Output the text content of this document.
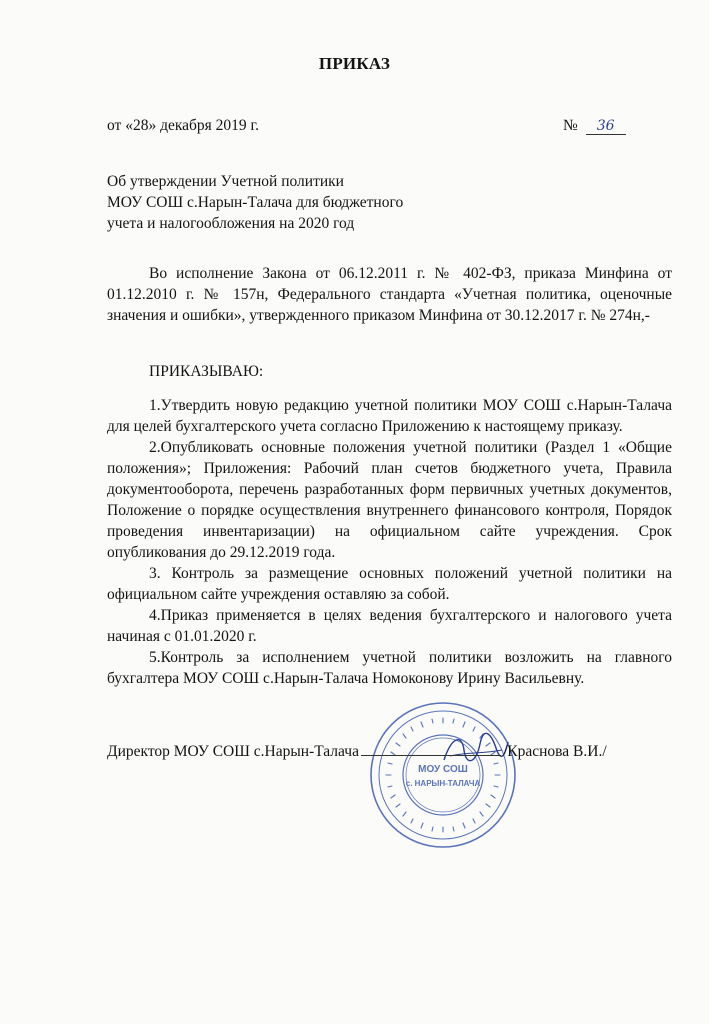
ПРИКАЗ
от «28» декабря 2019 г.	№ 36
Об утверждении Учетной политики
МОУ СОШ с.Нарын-Талача для бюджетного
учета и налогообложения на 2020 год
Во исполнение Закона от 06.12.2011 г. № 402-ФЗ, приказа Минфина от 01.12.2010 г. № 157н, Федерального стандарта «Учетная политика, оценочные значения и ошибки», утвержденного приказом Минфина от 30.12.2017 г. № 274н,-
ПРИКАЗЫВАЮ:

1.Утвердить новую редакцию учетной политики МОУ СОШ с.Нарын-Талача для целей бухгалтерского учета согласно Приложению к настоящему приказу.

2.Опубликовать основные положения учетной политики (Раздел 1 «Общие положения»; Приложения: Рабочий план счетов бюджетного учета, Правила документооборота, перечень разработанных форм первичных учетных документов, Положение о порядке осуществления внутреннего финансового контроля, Порядок проведения инвентаризации) на официальном сайте учреждения. Срок опубликования до 29.12.2019 года.

3. Контроль за размещение основных положений учетной политики на официальном сайте учреждения оставляю за собой.

4.Приказ применяется в целях ведения бухгалтерского и налогового учета начиная с 01.01.2020 г.

5.Контроль за исполнением учетной политики возложить на главного бухгалтера МОУ СОШ с.Нарын-Талача Номоконову Ирину Васильевну.

МОУ СОШ
с. НАРЫН-ТАЛАЧА
Директор МОУ СОШ с.Нарын-Талача	/Краснова В.И./
